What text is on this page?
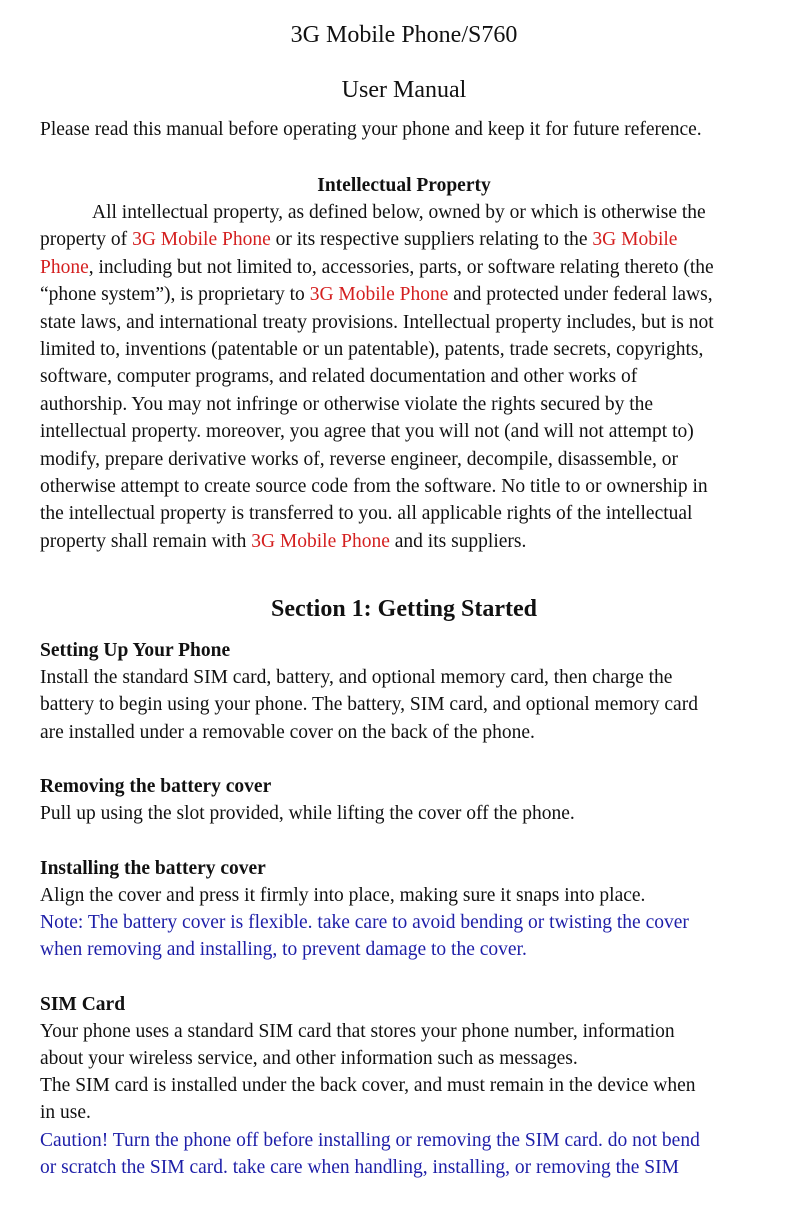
3G Mobile Phone/S760
User Manual
Please read this manual before operating your phone and keep it for future reference.
Intellectual Property
All intellectual property, as defined below, owned by or which is otherwise the
property of 3G Mobile Phone or its respective suppliers relating to the 3G Mobile
Phone, including but not limited to, accessories, parts, or software relating thereto (the
“phone system”), is proprietary to 3G Mobile Phone and protected under federal laws,
state laws, and international treaty provisions. Intellectual property includes, but is not
limited to, inventions (patentable or un patentable), patents, trade secrets, copyrights,
software, computer programs, and related documentation and other works of
authorship. You may not infringe or otherwise violate the rights secured by the
intellectual property. moreover, you agree that you will not (and will not attempt to)
modify, prepare derivative works of, reverse engineer, decompile, disassemble, or
otherwise attempt to create source code from the software. No title to or ownership in
the intellectual property is transferred to you. all applicable rights of the intellectual
property shall remain with 3G Mobile Phone and its suppliers.
Section 1: Getting Started
Setting Up Your Phone
Install the standard SIM card, battery, and optional memory card, then charge the
battery to begin using your phone. The battery, SIM card, and optional memory card
are installed under a removable cover on the back of the phone.
Removing the battery cover
Pull up using the slot provided, while lifting the cover off the phone.
Installing the battery cover
Align the cover and press it firmly into place, making sure it snaps into place.
Note: The battery cover is flexible. take care to avoid bending or twisting the cover
when removing and installing, to prevent damage to the cover.
SIM Card
Your phone uses a standard SIM card that stores your phone number, information
about your wireless service, and other information such as messages.
The SIM card is installed under the back cover, and must remain in the device when
in use.
Caution! Turn the phone off before installing or removing the SIM card. do not bend
or scratch the SIM card. take care when handling, installing, or removing the SIM
